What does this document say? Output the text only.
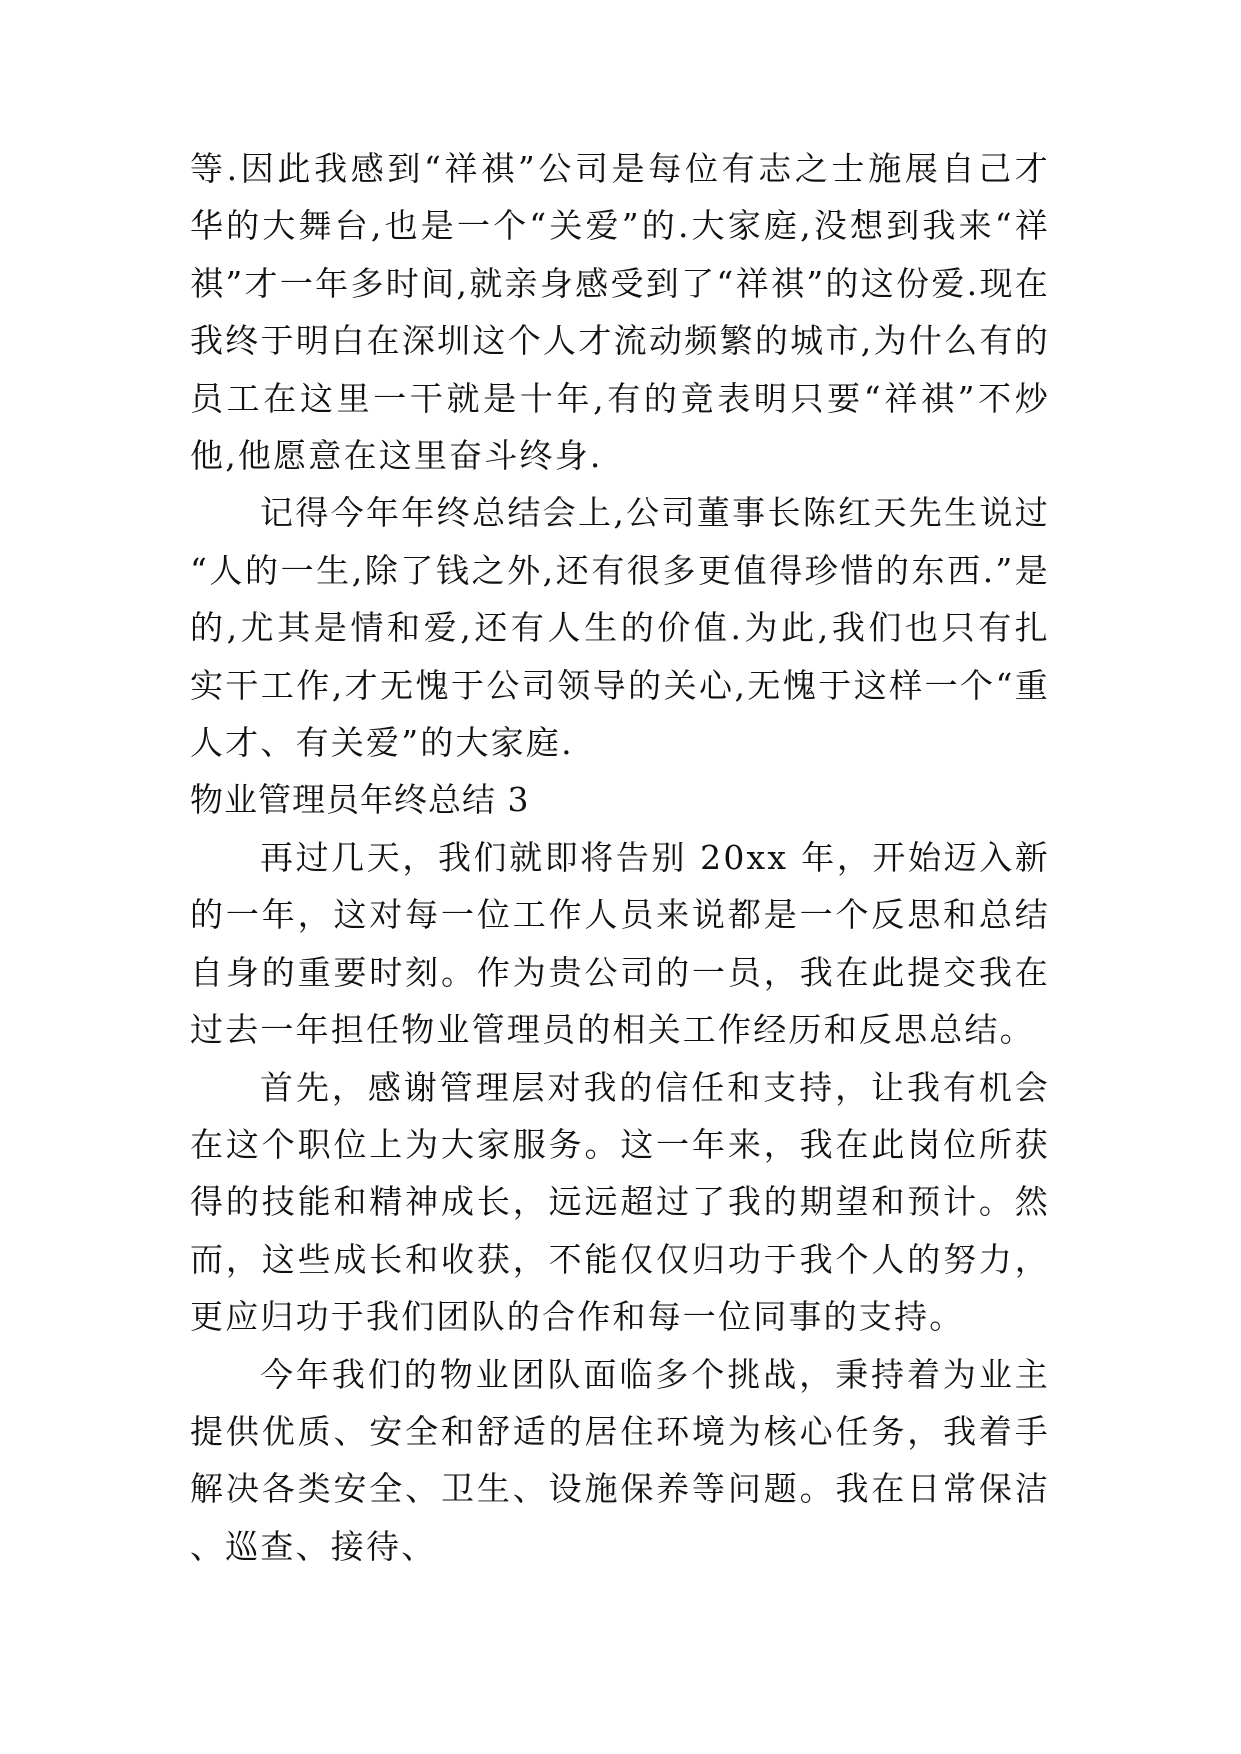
等.因此我感到“祥祺”公司是每位有志之士施展自己才华的大舞台,也是一个“关爱”的.大家庭,没想到我来“祥祺”才一年多时间,就亲身感受到了“祥祺”的这份爱.现在我终于明白在深圳这个人才流动频繁的城市,为什么有的员工在这里一干就是十年,有的竟表明只要“祥祺”不炒他,他愿意在这里奋斗终身.

记得今年年终总结会上,公司董事长陈红天先生说过“人的一生,除了钱之外,还有很多更值得珍惜的东西.”是的,尤其是情和爱,还有人生的价值.为此,我们也只有扎实干工作,才无愧于公司领导的关心,无愧于这样一个“重人才、有关爱”的大家庭.

物业管理员年终总结 3

再过几天，我们就即将告别 20xx 年，开始迈入新的一年，这对每一位工作人员来说都是一个反思和总结自身的重要时刻。作为贵公司的一员，我在此提交我在过去一年担任物业管理员的相关工作经历和反思总结。

首先，感谢管理层对我的信任和支持，让我有机会在这个职位上为大家服务。这一年来，我在此岗位所获得的技能和精神成长，远远超过了我的期望和预计。然而，这些成长和收获，不能仅仅归功于我个人的努力，更应归功于我们团队的合作和每一位同事的支持。

今年我们的物业团队面临多个挑战，秉持着为业主提供优质、安全和舒适的居住环境为核心任务，我着手解决各类安全、卫生、设施保养等问题。我在日常保洁、巡查、接待、
